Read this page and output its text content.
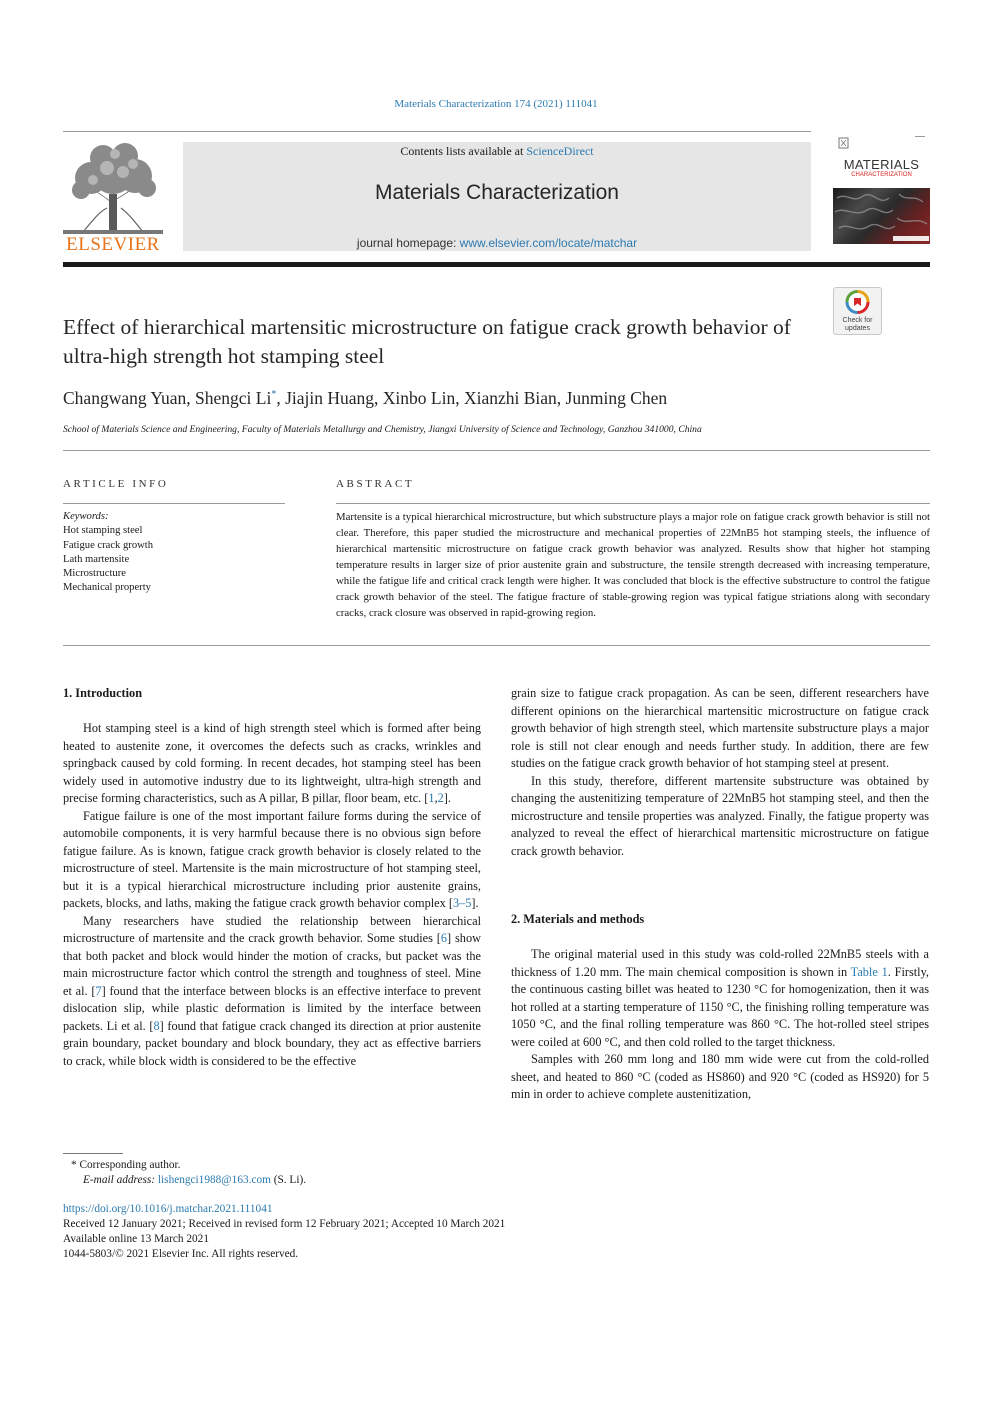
Materials Characterization 174 (2021) 111041
ELSEVIER
Contents lists available at ScienceDirect
Materials Characterization
journal homepage: www.elsevier.com/locate/matchar
MATERIALS
CHARACTERIZATION
Effect of hierarchical martensitic microstructure on fatigue crack growth behavior of ultra-high strength hot stamping steel
Check for
updates
Changwang Yuan, Shengci Li*, Jiajin Huang, Xinbo Lin, Xianzhi Bian, Junming Chen
School of Materials Science and Engineering, Faculty of Materials Metallurgy and Chemistry, Jiangxi University of Science and Technology, Ganzhou 341000, China
ARTICLE INFO	ABSTRACT
Keywords:
Hot stamping steel
Fatigue crack growth
Lath martensite
Microstructure
Mechanical property
Martensite is a typical hierarchical microstructure, but which substructure plays a major role on fatigue crack growth behavior is still not clear. Therefore, this paper studied the microstructure and mechanical properties of 22MnB5 hot stamping steels, the influence of hierarchical martensitic microstructure on fatigue crack growth behavior was analyzed. Results show that higher hot stamping temperature results in larger size of prior austenite grain and substructure, the tensile strength decreased with increasing temperature, while the fatigue life and critical crack length were higher. It was concluded that block is the effective substructure to control the fatigue crack growth behavior of the steel. The fatigue fracture of stable-growing region was typical fatigue striations along with secondary cracks, crack closure was observed in rapid-growing region.
1. Introduction

Hot stamping steel is a kind of high strength steel which is formed after being heated to austenite zone, it overcomes the defects such as cracks, wrinkles and springback caused by cold forming. In recent decades, hot stamping steel has been widely used in automotive industry due to its lightweight, ultra-high strength and precise forming characteristics, such as A pillar, B pillar, floor beam, etc. [1,2].

Fatigue failure is one of the most important failure forms during the service of automobile components, it is very harmful because there is no obvious sign before fatigue failure. As is known, fatigue crack growth behavior is closely related to the microstructure of steel. Martensite is the main microstructure of hot stamping steel, but it is a typical hierarchical microstructure including prior austenite grains, packets, blocks, and laths, making the fatigue crack growth behavior complex [3–5].

Many researchers have studied the relationship between hierarchical microstructure of martensite and the crack growth behavior. Some studies [6] show that both packet and block would hinder the motion of cracks, but packet was the main microstructure factor which control the strength and toughness of steel. Mine et al. [7] found that the interface between blocks is an effective interface to prevent dislocation slip, while plastic deformation is limited by the interface between packets. Li et al. [8] found that fatigue crack changed its direction at prior austenite grain boundary, packet boundary and block boundary, they act as effective barriers to crack, while block width is considered to be the effective

grain size to fatigue crack propagation. As can be seen, different researchers have different opinions on the hierarchical martensitic microstructure on fatigue crack growth behavior of high strength steel, which martensite substructure plays a major role is still not clear enough and needs further study. In addition, there are few studies on the fatigue crack growth behavior of hot stamping steel at present.

In this study, therefore, different martensite substructure was obtained by changing the austenitizing temperature of 22MnB5 hot stamping steel, and then the microstructure and tensile properties was analyzed. Finally, the fatigue property was analyzed to reveal the effect of hierarchical martensitic microstructure on fatigue crack growth behavior.

2. Materials and methods

The original material used in this study was cold-rolled 22MnB5 steels with a thickness of 1.20 mm. The main chemical composition is shown in Table 1. Firstly, the continuous casting billet was heated to 1230 °C for homogenization, then it was hot rolled at a starting temperature of 1150 °C, the finishing rolling temperature was 1050 °C, and the final rolling temperature was 860 °C. The hot-rolled steel stripes were coiled at 600 °C, and then cold rolled to the target thickness.

Samples with 260 mm long and 180 mm wide were cut from the cold-rolled sheet, and heated to 860 °C (coded as HS860) and 920 °C (coded as HS920) for 5 min in order to achieve complete austenitization,

* Corresponding author.
E-mail address: lishengci1988@163.com (S. Li).
https://doi.org/10.1016/j.matchar.2021.111041
Received 12 January 2021; Received in revised form 12 February 2021; Accepted 10 March 2021
Available online 13 March 2021
1044-5803/© 2021 Elsevier Inc. All rights reserved.
